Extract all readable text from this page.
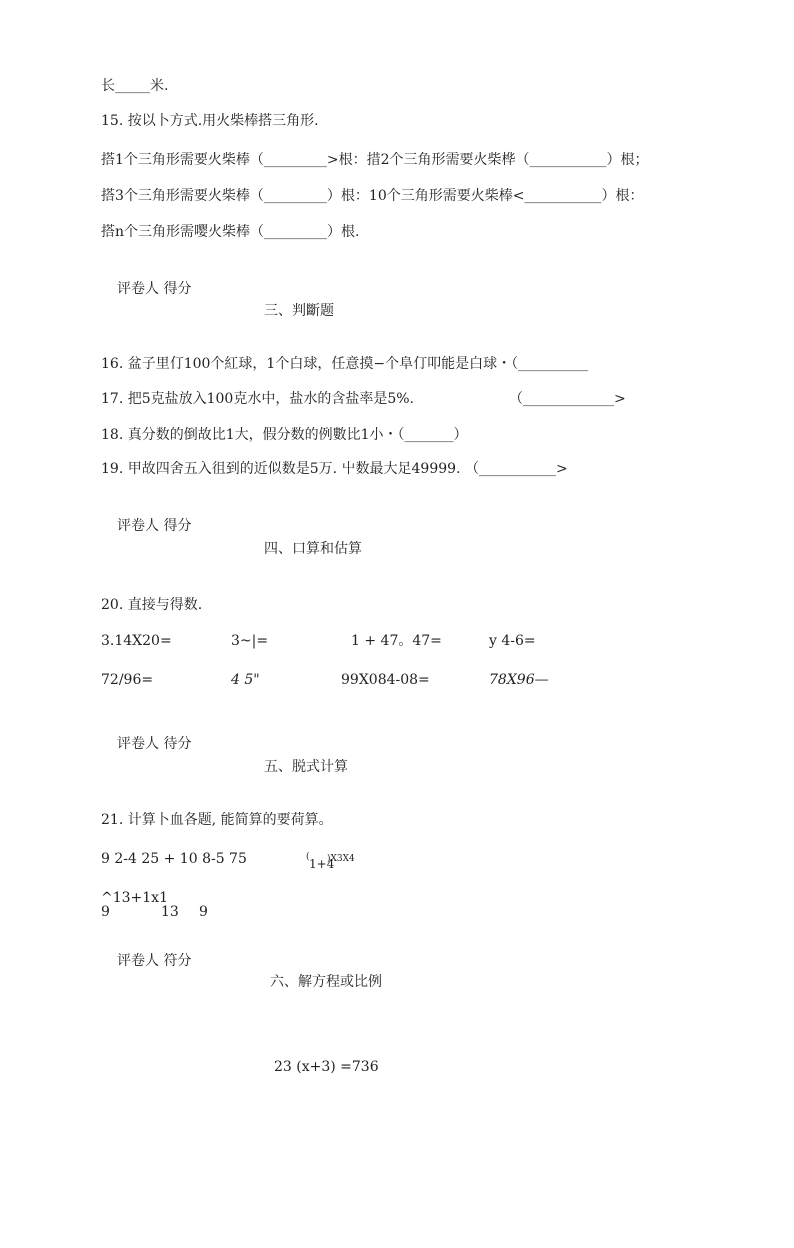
长_____米.
15. 按以卜方式.用火柴棒搭三角形.
搭1个三角形需要火柴棒（_________>根：措2个三角形需要火柴桦（___________）根；
搭3个三角形需要火柴棒（_________）根：10个三角形需要火柴棒<___________）根：
搭n个三角形需嘤火柴棒（_________）根.
评卷人 得分
三、判斷题
16. 盆子里仃100个紅球，1个白球，任意摸−个阜仃叩能是白球・（__________
17. 把5克盐放入100克水中，盐水的含盐率是5%.	（_____________>
18. 真分数的倒故比1大，假分数的例數比1小・（_______）
19. 甲故四舍五入徂到的近似数是5万. 屮数最大足49999. （___________>
评卷人 得分
四、口算和估算
20. 直接与得数.
3.14X20=	3~|=	1 + 47。47=	y 4-6=
72/96=	4 5"	99X084-08=	78X96—
评卷人 待分
五、脱式计算
21. 计算卜血各题, 能简算的要荷算。
9 2-4 25 + 10 8-5 75	( 1+4
)X3X4
^13+1x1
9	13 9
评卷人 符分
六、解方程或比例
23 (x+3) =736
